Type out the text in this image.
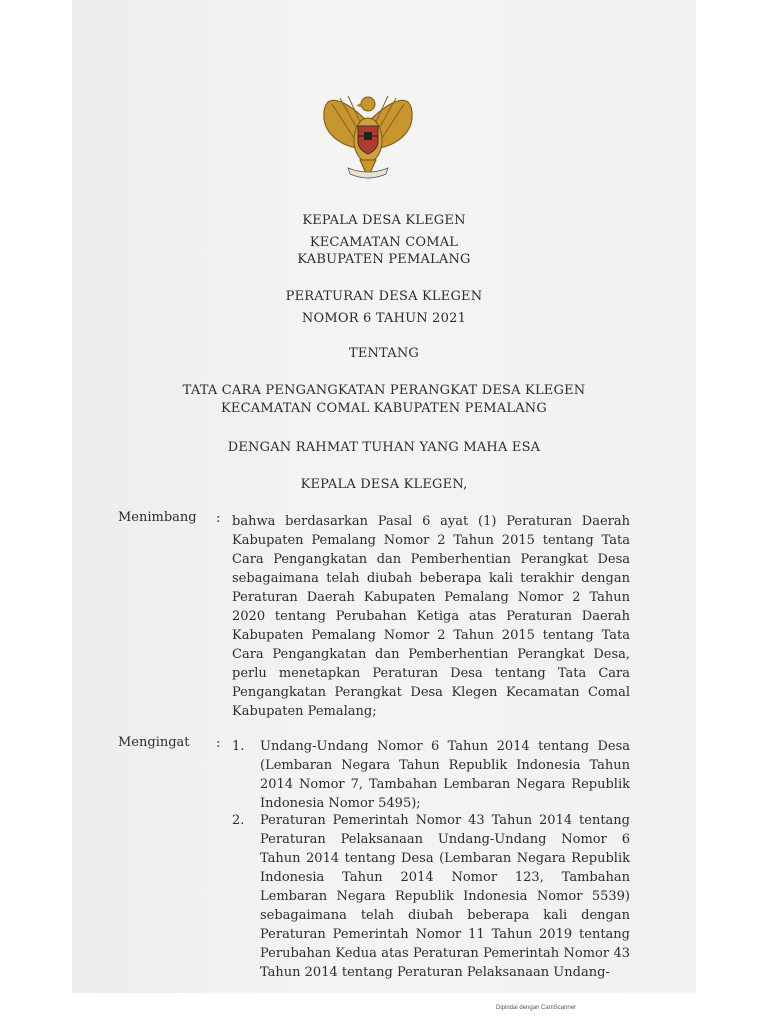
KEPALA DESA KLEGEN
KECAMATAN COMAL
KABUPATEN PEMALANG
PERATURAN DESA KLEGEN
NOMOR 6 TAHUN 2021
TENTANG
TATA CARA PENGANGKATAN PERANGKAT DESA KLEGEN
KECAMATAN COMAL KABUPATEN PEMALANG
DENGAN RAHMAT TUHAN YANG MAHA ESA
KEPALA DESA KLEGEN,
Menimbang : bahwa berdasarkan Pasal 6 ayat (1) Peraturan Daerah Kabupaten Pemalang Nomor 2 Tahun 2015 tentang Tata Cara Pengangkatan dan Pemberhentian Perangkat Desa sebagaimana telah diubah beberapa kali terakhir dengan Peraturan Daerah Kabupaten Pemalang Nomor 2 Tahun 2020 tentang Perubahan Ketiga atas Peraturan Daerah Kabupaten Pemalang Nomor 2 Tahun 2015 tentang Tata Cara Pengangkatan dan Pemberhentian Perangkat Desa, perlu menetapkan Peraturan Desa tentang Tata Cara Pengangkatan Perangkat Desa Klegen Kecamatan Comal Kabupaten Pemalang;

Mengingat : 1. Undang-Undang Nomor 6 Tahun 2014 tentang Desa (Lembaran Negara Tahun Republik Indonesia Tahun 2014 Nomor 7, Tambahan Lembaran Negara Republik Indonesia Nomor 5495);
2. Peraturan Pemerintah Nomor 43 Tahun 2014 tentang Peraturan Pelaksanaan Undang-Undang Nomor 6 Tahun 2014 tentang Desa (Lembaran Negara Republik Indonesia Tahun 2014 Nomor 123, Tambahan Lembaran Negara Republik Indonesia Nomor 5539) sebagaimana telah diubah beberapa kali dengan Peraturan Pemerintah Nomor 11 Tahun 2019 tentang Perubahan Kedua atas Peraturan Pemerintah Nomor 43 Tahun 2014 tentang Peraturan Pelaksanaan Undang-
Dipindai dengan CamScanner
